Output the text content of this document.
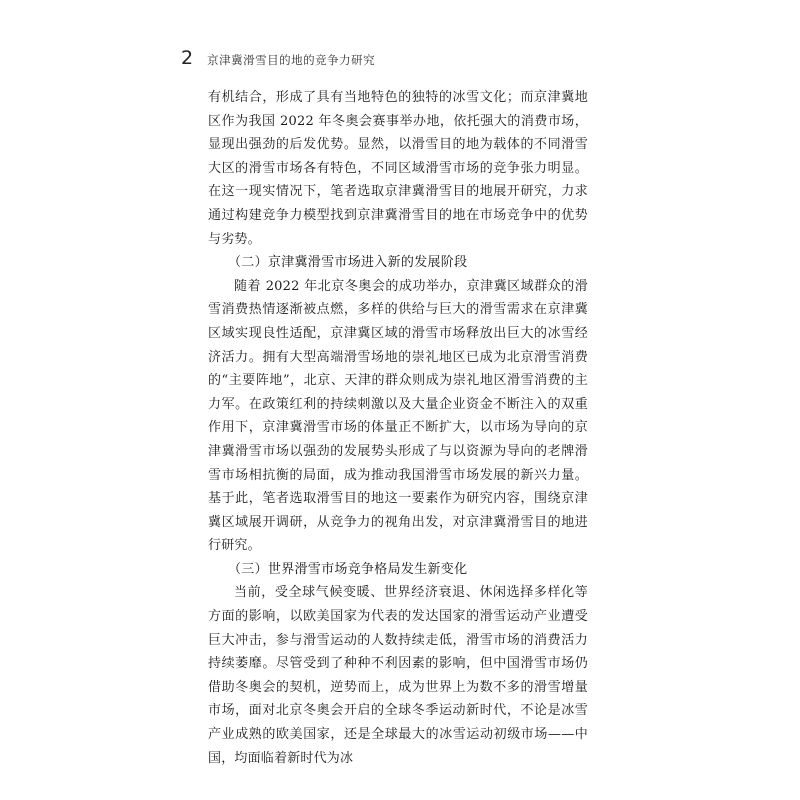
2 京津冀滑雪目的地的竞争力研究

有机结合，形成了具有当地特色的独特的冰雪文化；而京津冀地区作为我国 2022 年冬奥会赛事举办地，依托强大的消费市场，显现出强劲的后发优势。显然，以滑雪目的地为载体的不同滑雪大区的滑雪市场各有特色，不同区域滑雪市场的竞争张力明显。在这一现实情况下，笔者选取京津冀滑雪目的地展开研究，力求通过构建竞争力模型找到京津冀滑雪目的地在市场竞争中的优势与劣势。

（二）京津冀滑雪市场进入新的发展阶段

随着 2022 年北京冬奥会的成功举办，京津冀区域群众的滑雪消费热情逐渐被点燃，多样的供给与巨大的滑雪需求在京津冀区域实现良性适配，京津冀区域的滑雪市场释放出巨大的冰雪经济活力。拥有大型高端滑雪场地的崇礼地区已成为北京滑雪消费的“主要阵地”，北京、天津的群众则成为崇礼地区滑雪消费的主力军。在政策红利的持续刺激以及大量企业资金不断注入的双重作用下，京津冀滑雪市场的体量正不断扩大，以市场为导向的京津冀滑雪市场以强劲的发展势头形成了与以资源为导向的老牌滑雪市场相抗衡的局面，成为推动我国滑雪市场发展的新兴力量。基于此，笔者选取滑雪目的地这一要素作为研究内容，围绕京津冀区域展开调研，从竞争力的视角出发，对京津冀滑雪目的地进行研究。

（三）世界滑雪市场竞争格局发生新变化

当前，受全球气候变暖、世界经济衰退、休闲选择多样化等方面的影响，以欧美国家为代表的发达国家的滑雪运动产业遭受巨大冲击，参与滑雪运动的人数持续走低，滑雪市场的消费活力持续萎靡。尽管受到了种种不利因素的影响，但中国滑雪市场仍借助冬奥会的契机，逆势而上，成为世界上为数不多的滑雪增量市场，面对北京冬奥会开启的全球冬季运动新时代，不论是冰雪产业成熟的欧美国家，还是全球最大的冰雪运动初级市场——中国，均面临着新时代为冰
